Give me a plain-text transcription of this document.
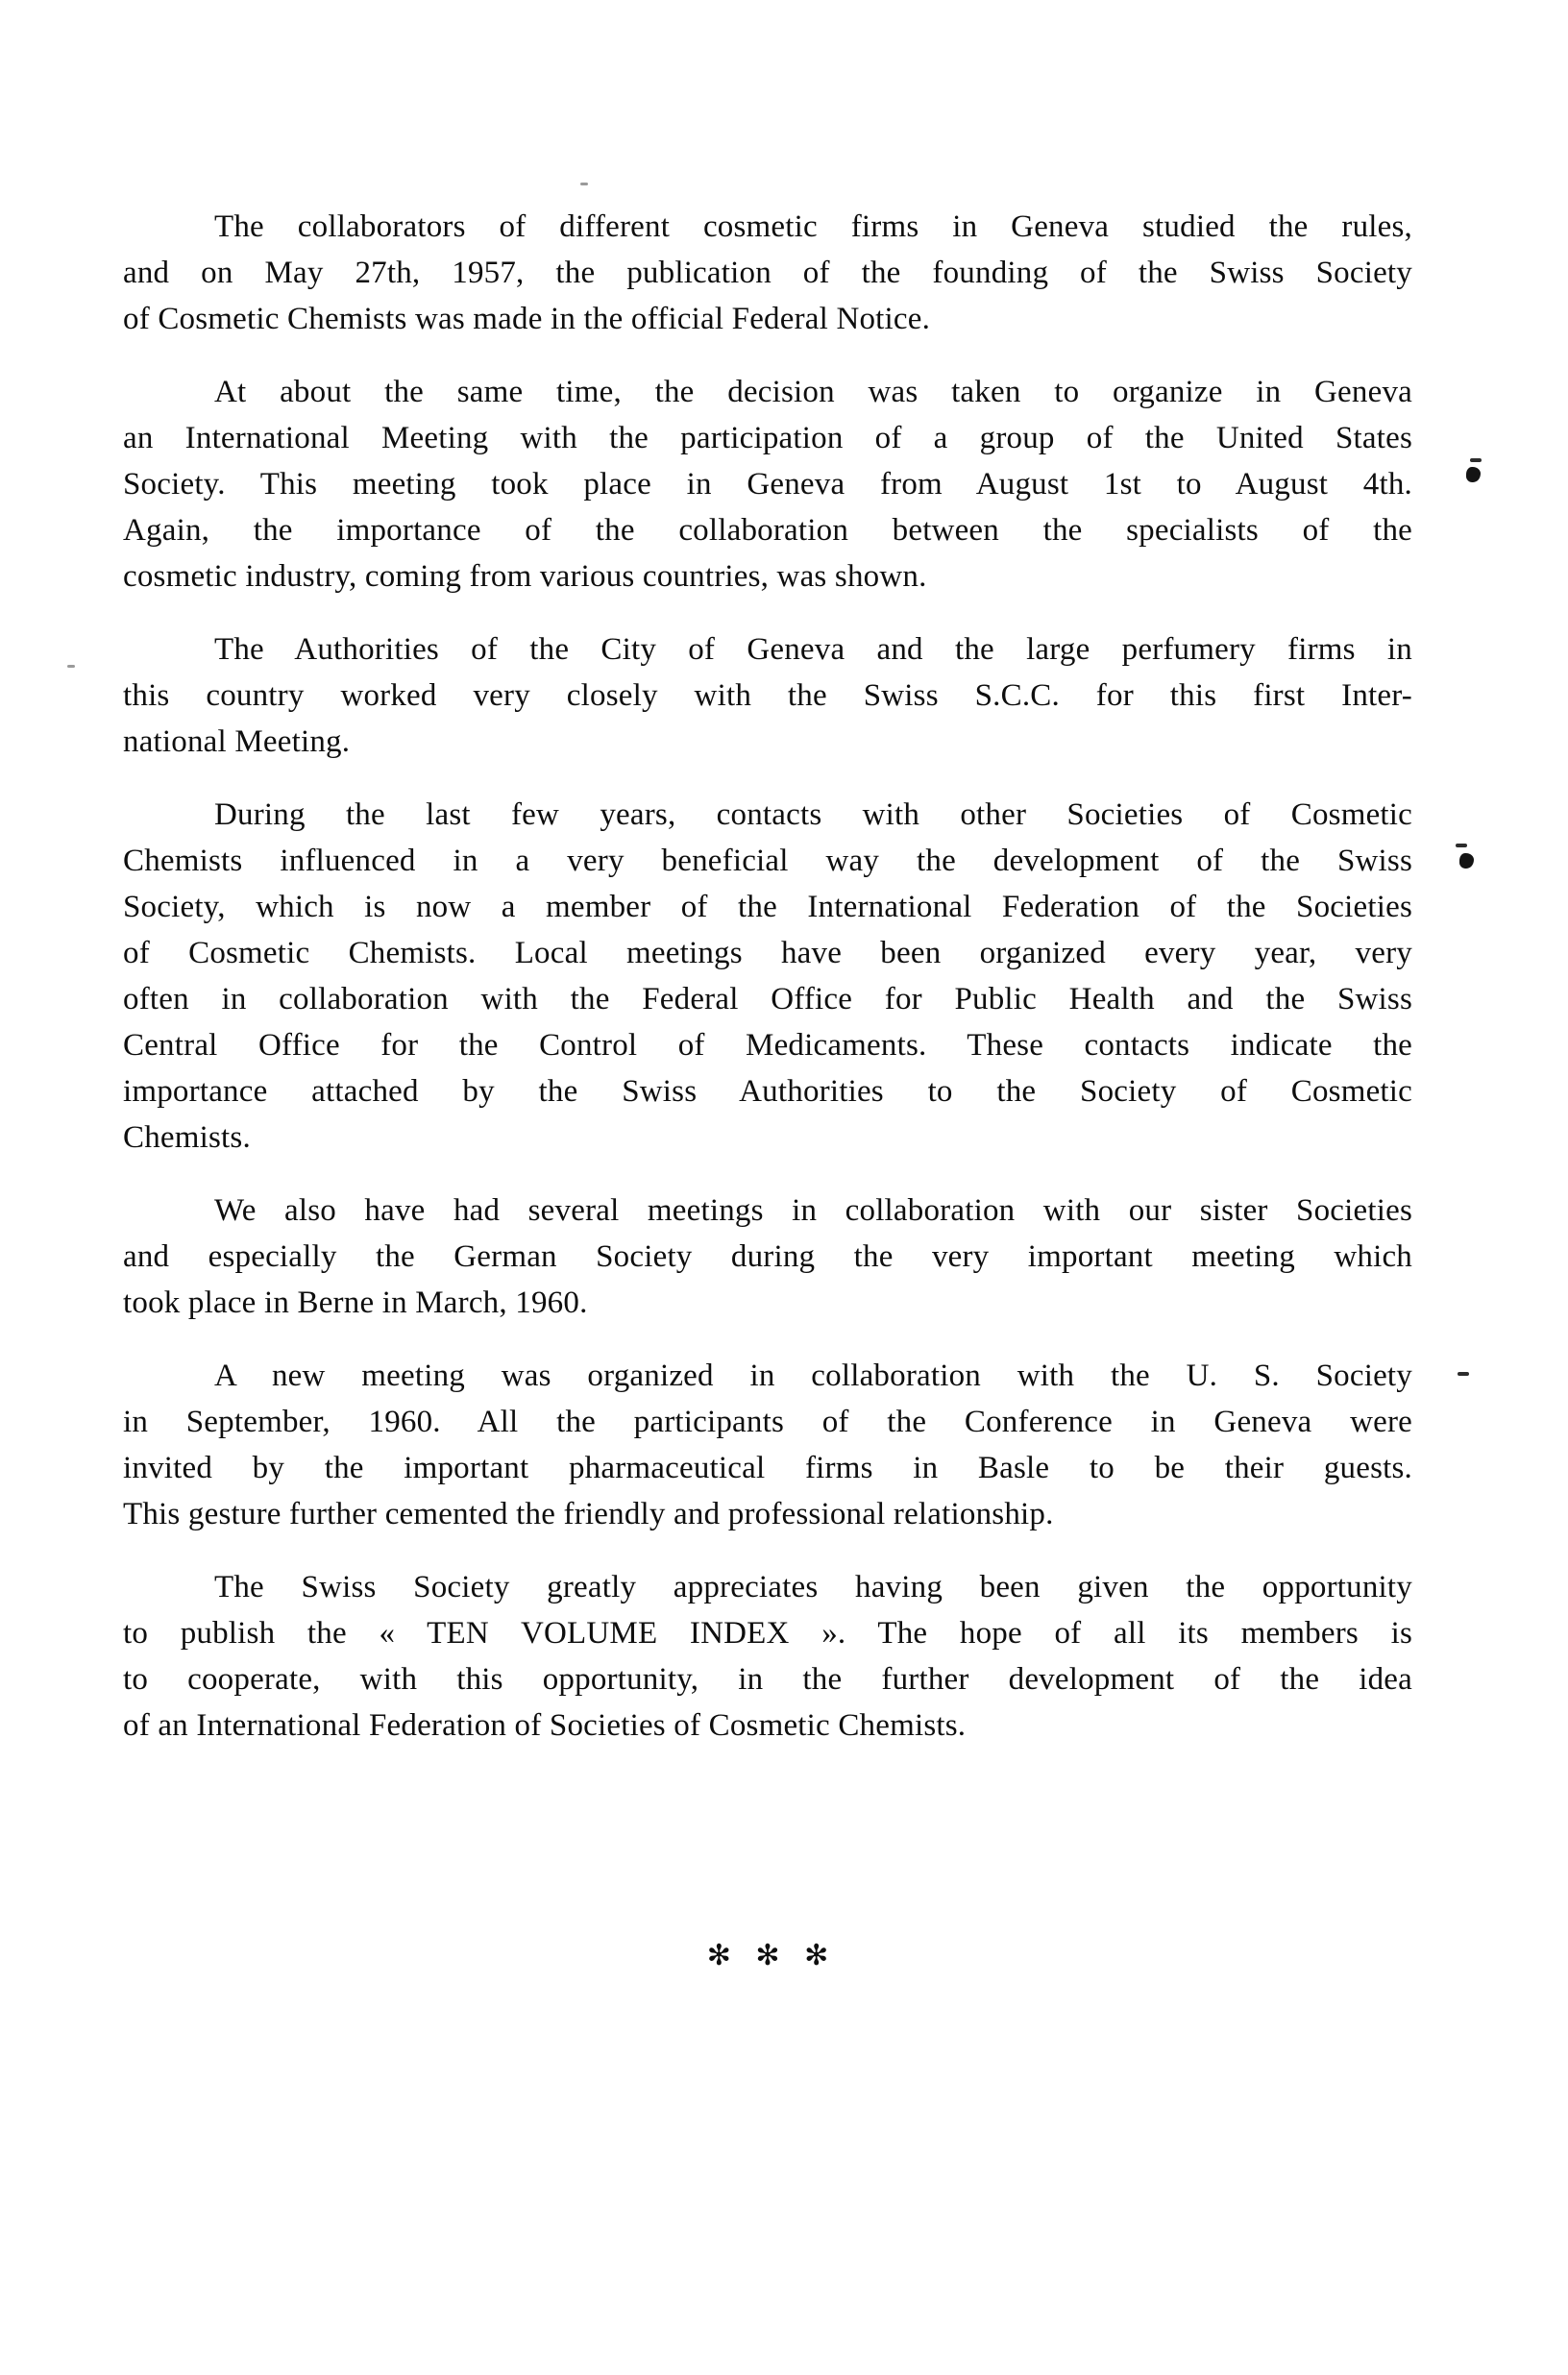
The collaborators of different cosmetic firms in Geneva studied the rules,
and on May 27th, 1957, the publication of the founding of the Swiss Society
of Cosmetic Chemists was made in the official Federal Notice.
At about the same time, the decision was taken to organize in Geneva
an International Meeting with the participation of a group of the United States
Society. This meeting took place in Geneva from August 1st to August 4th.
Again, the importance of the collaboration between the specialists of the
cosmetic industry, coming from various countries, was shown.
The Authorities of the City of Geneva and the large perfumery firms in
this country worked very closely with the Swiss S.C.C. for this first Inter-
national Meeting.
During the last few years, contacts with other Societies of Cosmetic
Chemists influenced in a very beneficial way the development of the Swiss
Society, which is now a member of the International Federation of the Societies
of Cosmetic Chemists. Local meetings have been organized every year, very
often in collaboration with the Federal Office for Public Health and the Swiss
Central Office for the Control of Medicaments. These contacts indicate the
importance attached by the Swiss Authorities to the Society of Cosmetic
Chemists.
We also have had several meetings in collaboration with our sister Societies
and especially the German Society during the very important meeting which
took place in Berne in March, 1960.
A new meeting was organized in collaboration with the U. S. Society
in September, 1960. All the participants of the Conference in Geneva were
invited by the important pharmaceutical firms in Basle to be their guests.
This gesture further cemented the friendly and professional relationship.
The Swiss Society greatly appreciates having been given the opportunity
to publish the « TEN VOLUME INDEX ». The hope of all its members is
to cooperate, with this opportunity, in the further development of the idea
of an International Federation of Societies of Cosmetic Chemists.
✻ ✻ ✻
